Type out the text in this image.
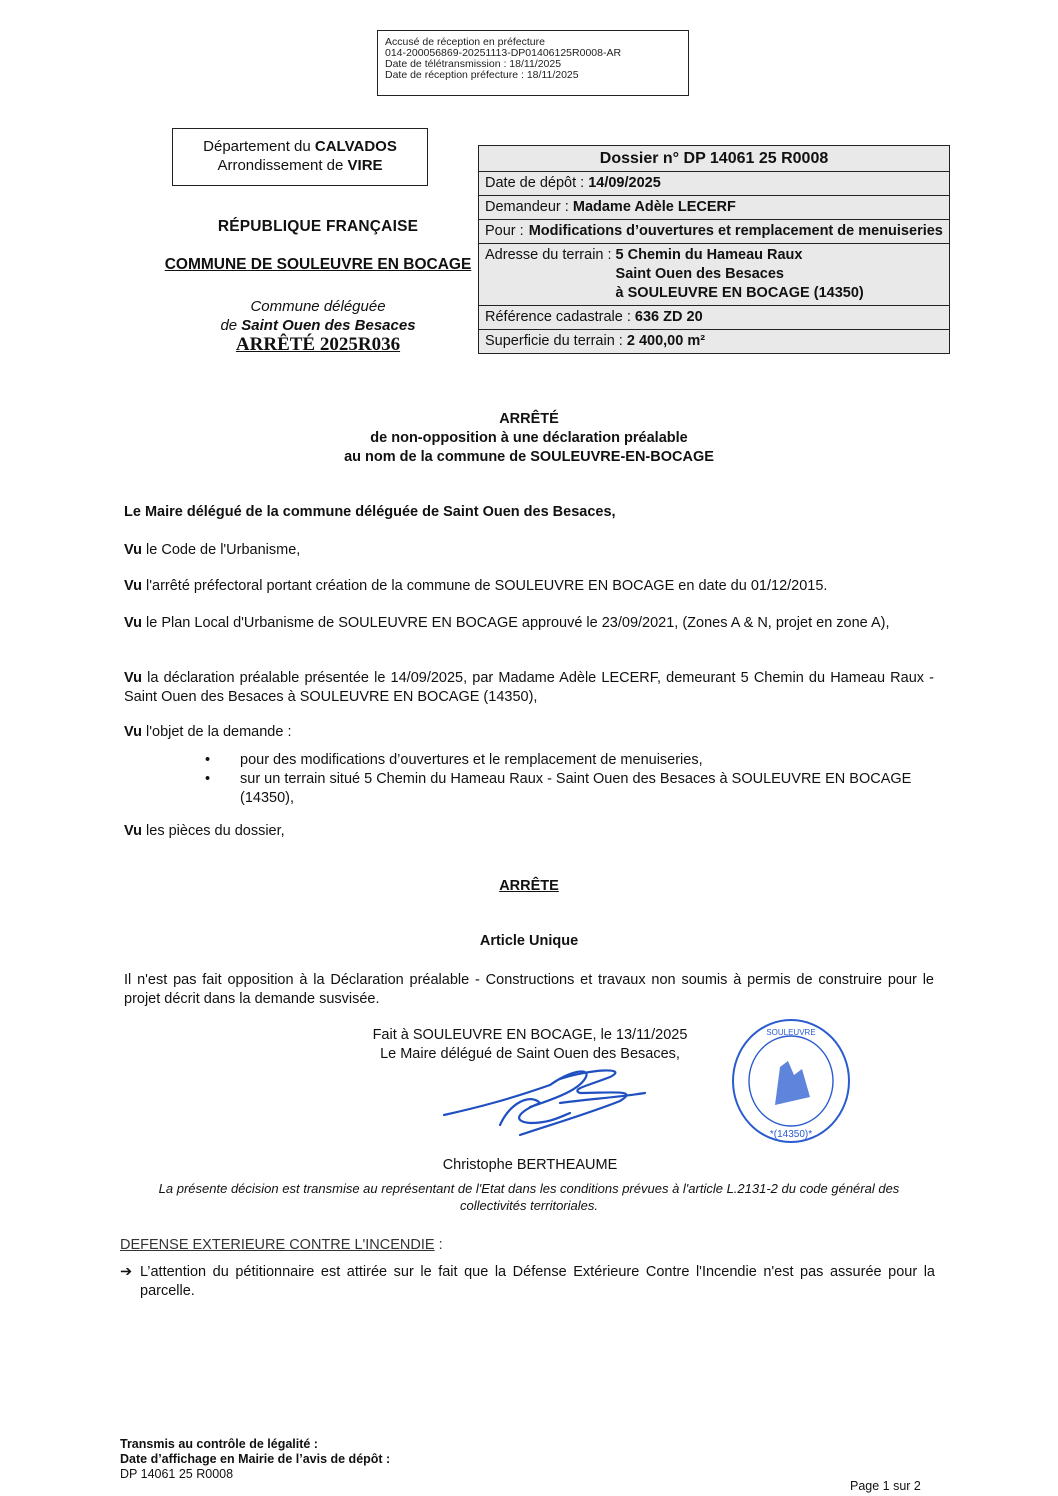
Accusé de réception en préfecture
014-200056869-20251113-DP01406125R0008-AR
Date de télétransmission : 18/11/2025
Date de réception préfecture : 18/11/2025
Département du CALVADOS
Arrondissement de VIRE
RÉPUBLIQUE FRANÇAISE
COMMUNE DE SOULEUVRE EN BOCAGE
Commune déléguée
de Saint Ouen des Besaces
ARRÊTÉ 2025R036
Dossier n° DP 14061 25 R0008
Date de dépôt : 14/09/2025
Demandeur : Madame Adèle LECERF
Pour : Modifications d’ouvertures et remplacement de menuiseries
Adresse du terrain : 5 Chemin du Hameau Raux
Saint Ouen des Besaces
à SOULEUVRE EN BOCAGE (14350)
Référence cadastrale : 636 ZD 20
Superficie du terrain : 2 400,00 m²
ARRÊTÉ
de non-opposition à une déclaration préalable
au nom de la commune de SOULEUVRE-EN-BOCAGE
Le Maire délégué de la commune déléguée de Saint Ouen des Besaces,
Vu le Code de l'Urbanisme,
Vu l'arrêté préfectoral portant création de la commune de SOULEUVRE EN BOCAGE en date du 01/12/2015.
Vu le Plan Local d'Urbanisme de SOULEUVRE EN BOCAGE approuvé le 23/09/2021, (Zones A & N, projet en zone A),
Vu la déclaration préalable présentée le 14/09/2025, par Madame Adèle LECERF, demeurant 5 Chemin du Hameau Raux - Saint Ouen des Besaces à SOULEUVRE EN BOCAGE (14350),
Vu l'objet de la demande :
• pour des modifications d’ouvertures et le remplacement de menuiseries,
• sur un terrain situé 5 Chemin du Hameau Raux - Saint Ouen des Besaces à SOULEUVRE EN BOCAGE (14350),
Vu les pièces du dossier,
ARRÊTE
Article Unique
Il n'est pas fait opposition à la Déclaration préalable - Constructions et travaux non soumis à permis de construire pour le projet décrit dans la demande susvisée.
Fait à SOULEUVRE EN BOCAGE, le 13/11/2025
Le Maire délégué de Saint Ouen des Besaces,
*(14350)*
SOULEUVRE
Christophe BERTHEAUME
La présente décision est transmise au représentant de l'Etat dans les conditions prévues à l'article L.2131-2 du code général des collectivités territoriales.
DEFENSE EXTERIEURE CONTRE L'INCENDIE :
➔ L’attention du pétitionnaire est attirée sur le fait que la Défense Extérieure Contre l'Incendie n'est pas assurée pour la parcelle.
Transmis au contrôle de légalité :
Date d’affichage en Mairie de l’avis de dépôt :
DP 14061 25 R0008
Page 1 sur 2
